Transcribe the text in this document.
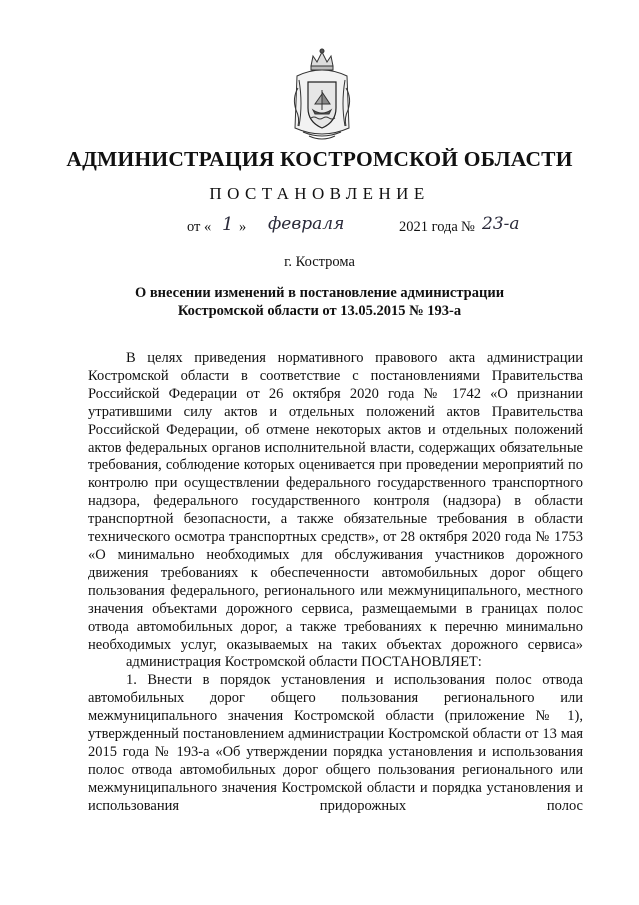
АДМИНИСТРАЦИЯ КОСТРОМСКОЙ ОБЛАСТИ
ПОСТАНОВЛЕНИЕ
от « 1 » февраля	2021 года № 23-а
г. Кострома
О внесении изменений в постановление администрации
Костромской области от 13.05.2015 № 193-а

В целях приведения нормативного правового акта администрации Костромской области в соответствие с постановлениями Правительства Российской Федерации от 26 октября 2020 года № 1742 «О признании утратившими силу актов и отдельных положений актов Правительства Российской Федерации, об отмене некоторых актов и отдельных положений актов федеральных органов исполнительной власти, содержащих обязательные требования, соблюдение которых оценивается при проведении мероприятий по контролю при осуществлении федерального государственного транспортного надзора, федерального государственного контроля (надзора) в области транспортной безопасности, а также обязательные требования в области технического осмотра транспортных средств», от 28 октября 2020 года № 1753 «О минимально необходимых для обслуживания участников дорожного движения требованиях к обеспеченности автомобильных дорог общего пользования федерального, регионального или межмуниципального, местного значения объектами дорожного сервиса, размещаемыми в границах полос отвода автомобильных дорог, а также требованиях к перечню минимально необходимых услуг, оказываемых на таких объектах дорожного сервиса»

администрация Костромской области ПОСТАНОВЛЯЕТ:

1. Внести в порядок установления и использования полос отвода автомобильных дорог общего пользования регионального или межмуниципального значения Костромской области (приложение № 1), утвержденный постановлением администрации Костромской области от 13 мая 2015 года № 193-а «Об утверждении порядка установления и использования полос отвода автомобильных дорог общего пользования регионального или межмуниципального значения Костромской области и порядка установления и использования придорожных полос
